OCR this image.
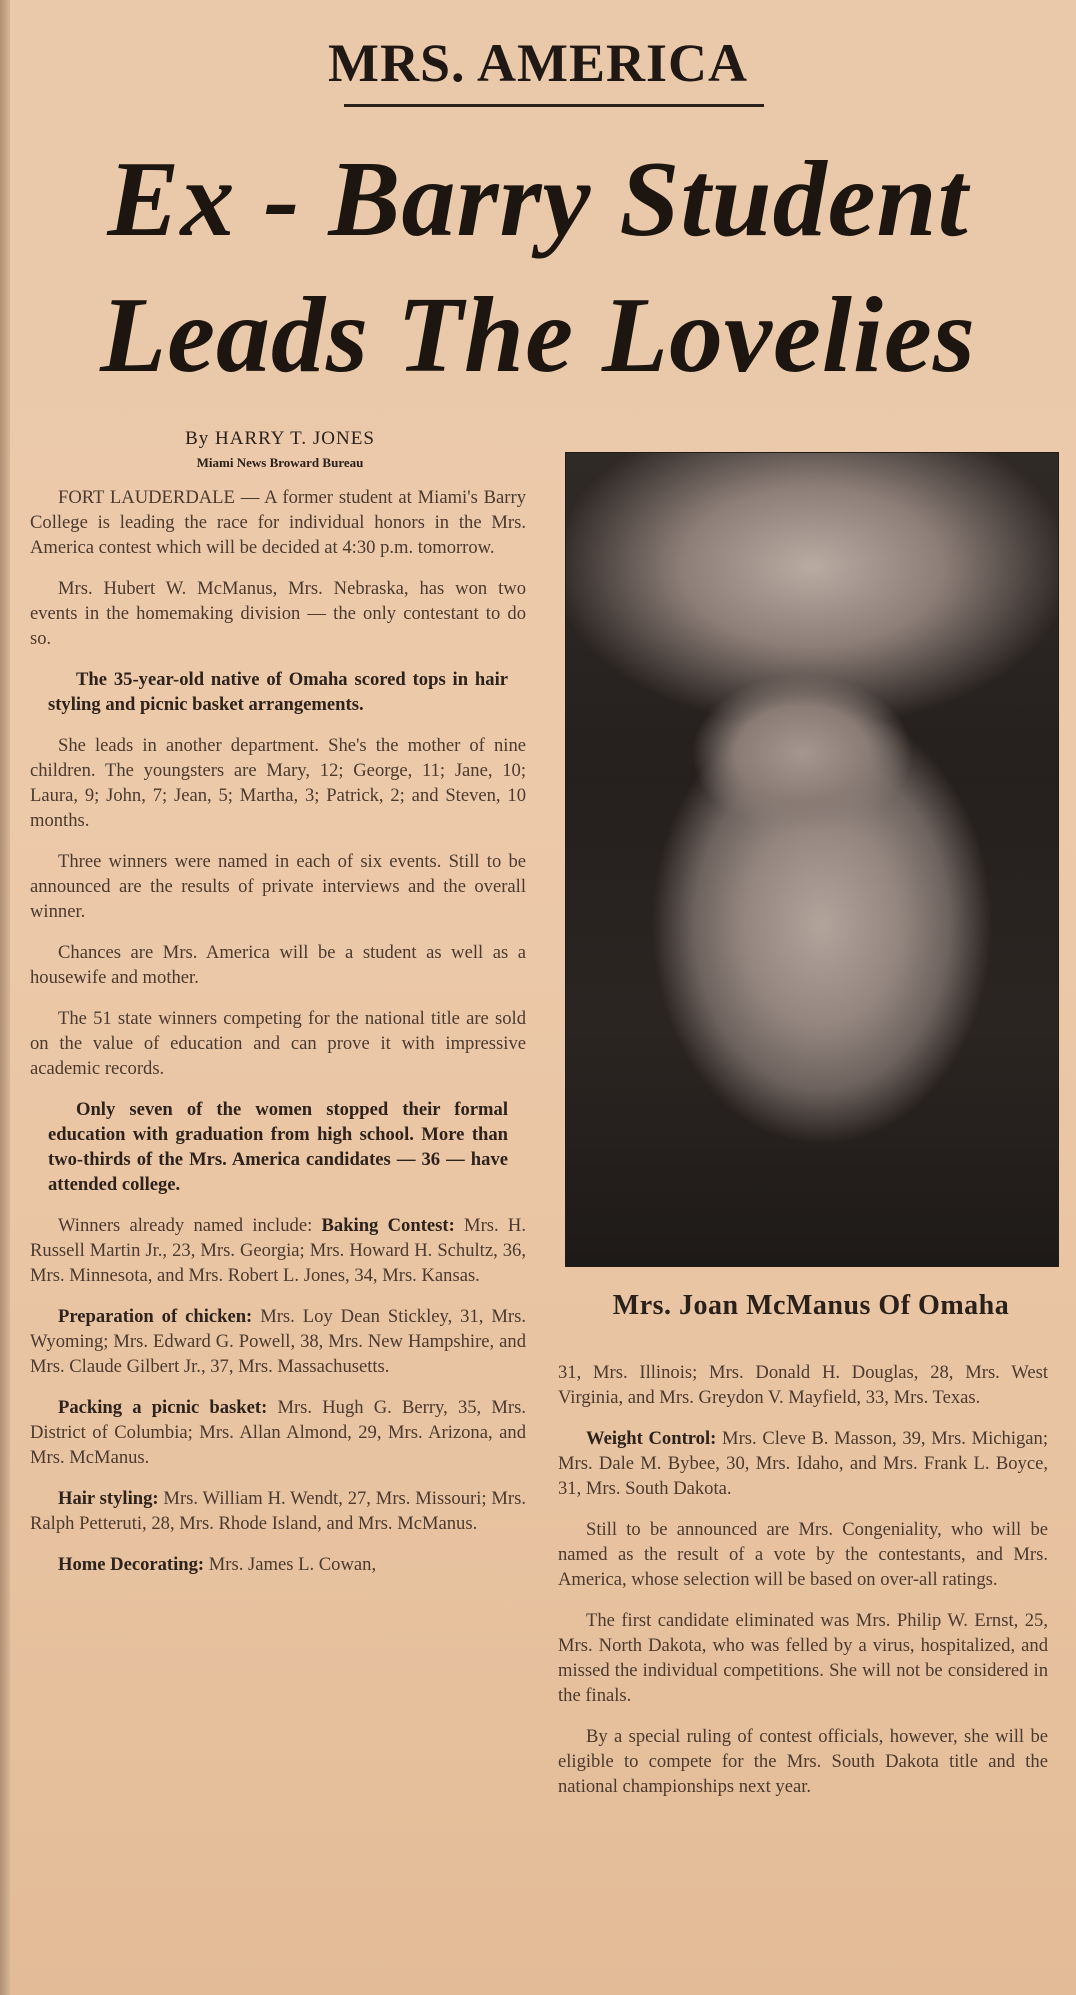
MRS. AMERICA
Ex - Barry Student
Leads The Lovelies
By HARRY T. JONES
Miami News Broward Bureau

FORT LAUDERDALE — A former student at Miami's Barry College is leading the race for individual honors in the Mrs. America contest which will be decided at 4:30 p.m. tomorrow.

Mrs. Hubert W. McManus, Mrs. Nebraska, has won two events in the homemaking division — the only contestant to do so.

The 35-year-old native of Omaha scored tops in hair styling and picnic basket arrangements.

She leads in another department. She's the mother of nine children. The youngsters are Mary, 12; George, 11; Jane, 10; Laura, 9; John, 7; Jean, 5; Martha, 3; Patrick, 2; and Steven, 10 months.

Three winners were named in each of six events. Still to be announced are the results of private interviews and the overall winner.

Chances are Mrs. America will be a student as well as a housewife and mother.

The 51 state winners competing for the national title are sold on the value of education and can prove it with impressive academic records.

Only seven of the women stopped their formal education with graduation from high school. More than two-thirds of the Mrs. America candidates — 36 — have attended college.

Winners already named include: Baking Contest: Mrs. H. Russell Martin Jr., 23, Mrs. Georgia; Mrs. Howard H. Schultz, 36, Mrs. Minnesota, and Mrs. Robert L. Jones, 34, Mrs. Kansas.

Preparation of chicken: Mrs. Loy Dean Stickley, 31, Mrs. Wyoming; Mrs. Edward G. Powell, 38, Mrs. New Hampshire, and Mrs. Claude Gilbert Jr., 37, Mrs. Massachusetts.

Packing a picnic basket: Mrs. Hugh G. Berry, 35, Mrs. District of Columbia; Mrs. Allan Almond, 29, Mrs. Arizona, and Mrs. McManus.

Hair styling: Mrs. William H. Wendt, 27, Mrs. Missouri; Mrs. Ralph Petteruti, 28, Mrs. Rhode Island, and Mrs. McManus.

Home Decorating: Mrs. James L. Cowan,

Mrs. Joan McManus Of Omaha

31, Mrs. Illinois; Mrs. Donald H. Douglas, 28, Mrs. West Virginia, and Mrs. Greydon V. Mayfield, 33, Mrs. Texas.

Weight Control: Mrs. Cleve B. Masson, 39, Mrs. Michigan; Mrs. Dale M. Bybee, 30, Mrs. Idaho, and Mrs. Frank L. Boyce, 31, Mrs. South Dakota.

Still to be announced are Mrs. Congeniality, who will be named as the result of a vote by the contestants, and Mrs. America, whose selection will be based on over-all ratings.

The first candidate eliminated was Mrs. Philip W. Ernst, 25, Mrs. North Dakota, who was felled by a virus, hospitalized, and missed the individual competitions. She will not be considered in the finals.

By a special ruling of contest officials, however, she will be eligible to compete for the Mrs. South Dakota title and the national championships next year.
